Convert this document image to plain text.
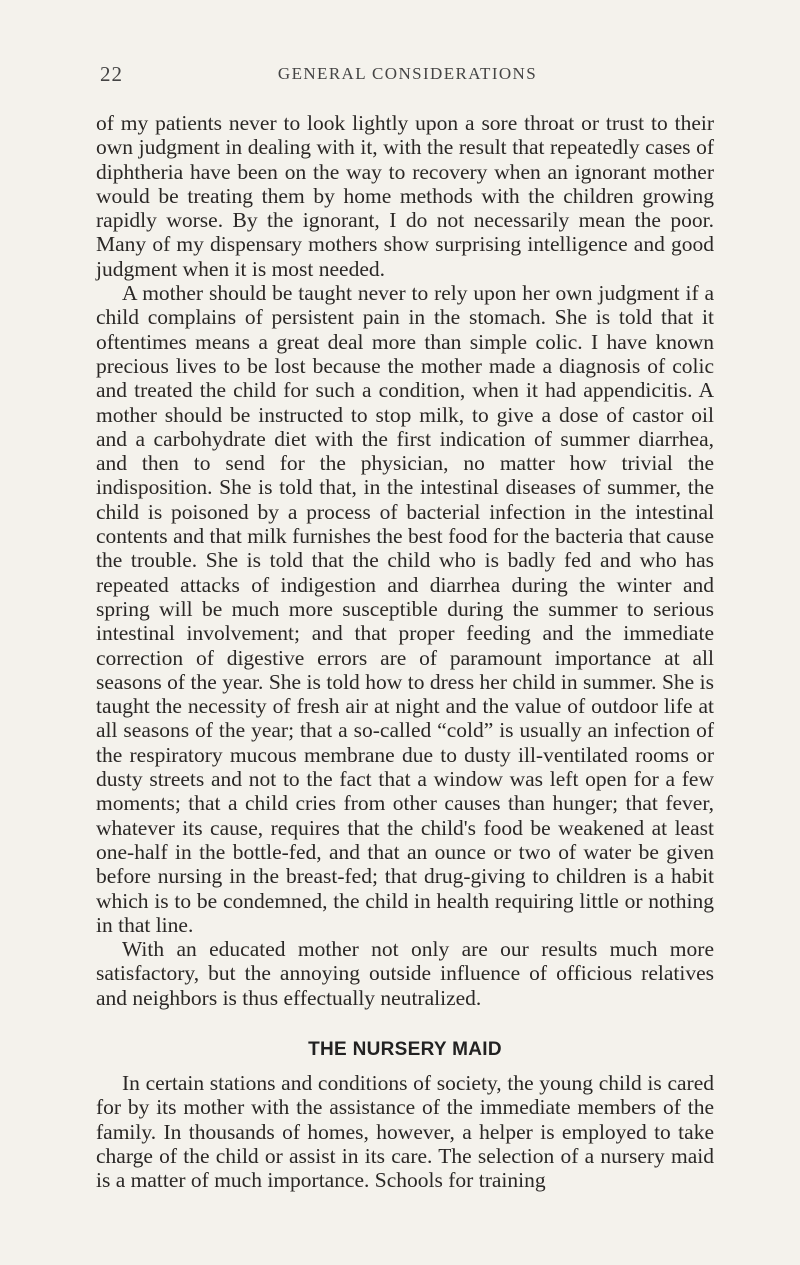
22	GENERAL CONSIDERATIONS

of my patients never to look lightly upon a sore throat or trust to their own judgment in dealing with it, with the result that repeatedly cases of diphtheria have been on the way to recovery when an ignorant mother would be treating them by home methods with the children growing rapidly worse. By the ignorant, I do not necessarily mean the poor. Many of my dispensary mothers show surprising intelligence and good judgment when it is most needed.

A mother should be taught never to rely upon her own judgment if a child complains of persistent pain in the stomach. She is told that it oftentimes means a great deal more than simple colic. I have known precious lives to be lost because the mother made a diagnosis of colic and treated the child for such a condition, when it had appendicitis. A mother should be instructed to stop milk, to give a dose of castor oil and a carbohydrate diet with the first indication of summer diarrhea, and then to send for the physician, no matter how trivial the indisposition. She is told that, in the intestinal diseases of summer, the child is poisoned by a process of bacterial infection in the intestinal contents and that milk furnishes the best food for the bacteria that cause the trouble. She is told that the child who is badly fed and who has repeated attacks of indigestion and diarrhea during the winter and spring will be much more susceptible during the summer to serious intestinal involvement; and that proper feeding and the immediate correction of digestive errors are of paramount importance at all seasons of the year. She is told how to dress her child in summer. She is taught the necessity of fresh air at night and the value of outdoor life at all seasons of the year; that a so-called “cold” is usually an infection of the respiratory mucous membrane due to dusty ill-ventilated rooms or dusty streets and not to the fact that a window was left open for a few moments; that a child cries from other causes than hunger; that fever, whatever its cause, requires that the child's food be weakened at least one-half in the bottle-fed, and that an ounce or two of water be given before nursing in the breast-fed; that drug-giving to children is a habit which is to be condemned, the child in health requiring little or nothing in that line.

With an educated mother not only are our results much more satisfactory, but the annoying outside influence of officious relatives and neighbors is thus effectually neutralized.

THE NURSERY MAID

In certain stations and conditions of society, the young child is cared for by its mother with the assistance of the immediate members of the family. In thousands of homes, however, a helper is employed to take charge of the child or assist in its care. The selection of a nursery maid is a matter of much importance. Schools for training
